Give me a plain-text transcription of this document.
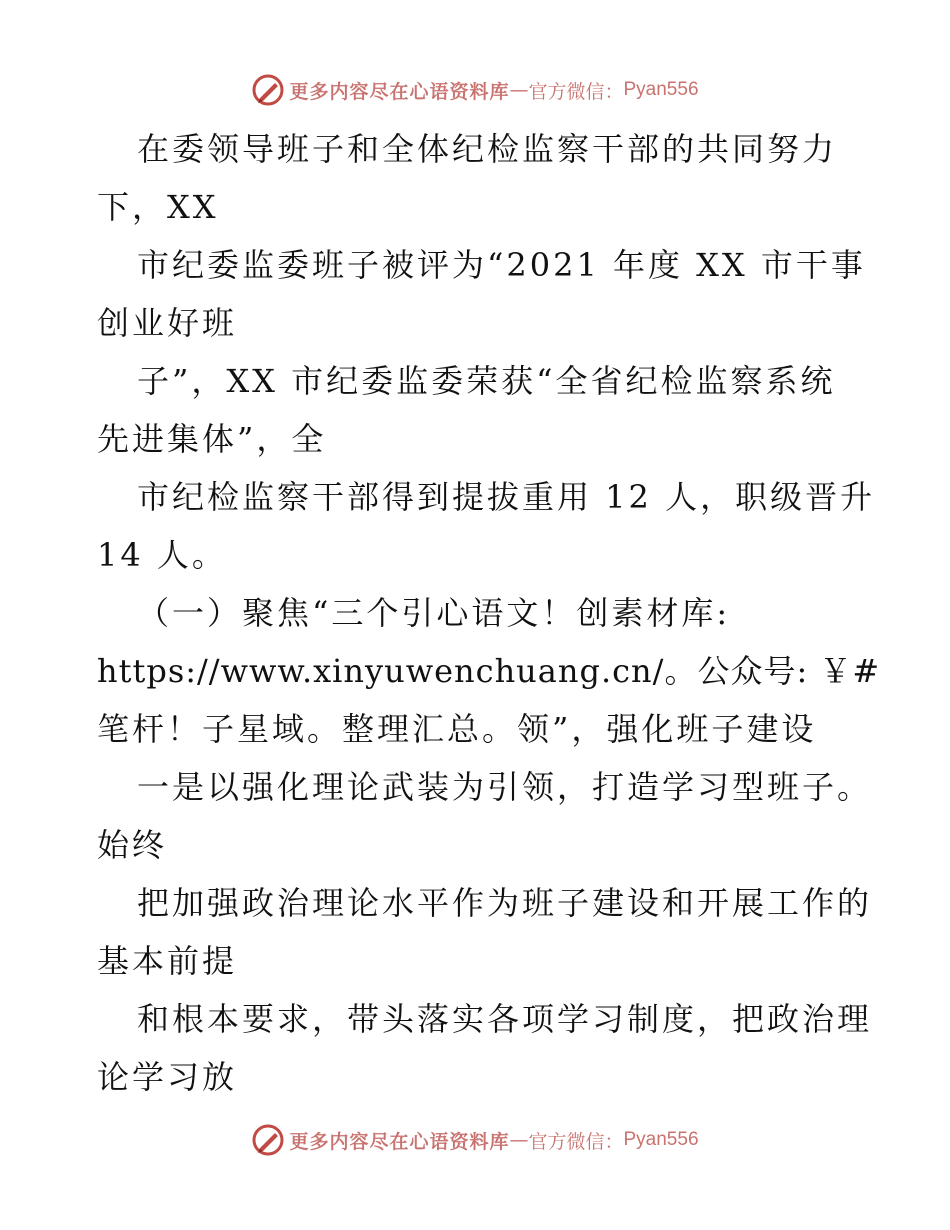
更多内容尽在心语资料库 — 官方微信： Pyan556
在委领导班子和全体纪检监察干部的共同努力
下，XX
市纪委监委班子被评为“2021 年度 XX 市干事
创业好班
子”，XX 市纪委监委荣获“全省纪检监察系统
先进集体”，全
市纪检监察干部得到提拔重用 12 人，职级晋升
14 人。
（一）聚焦“三个引心语文！创素材库:
https://www.xinyuwenchuang.cn/。公众号: ￥#
笔杆！子星域。整理汇总。领”，强化班子建设
一是以强化理论武装为引领，打造学习型班子。
始终
把加强政治理论水平作为班子建设和开展工作的
基本前提
和根本要求，带头落实各项学习制度，把政治理
论学习放
更多内容尽在心语资料库 — 官方微信： Pyan556
